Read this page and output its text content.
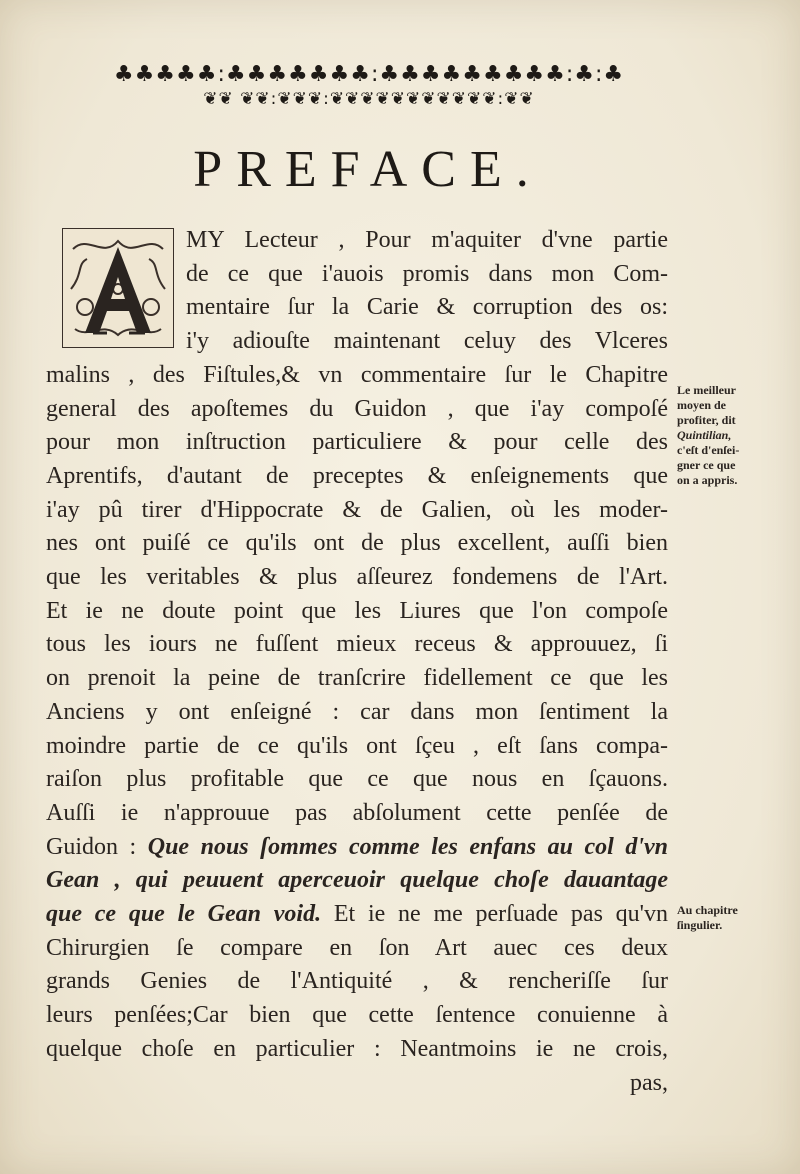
♣♣♣♣♣:♣♣♣♣♣♣♣:♣♣♣♣♣♣♣♣♣:♣:♣
❦❦ ❦❦:❦❦❦:❦❦❦❦❦❦❦❦❦❦❦:❦❦
PREFACE.
MY Lecteur , Pour m'aquiter d'vne partie
de ce que i'auois promis dans mon Com-
mentaire ſur la Carie & corruption des os:
i'y adiouſte maintenant celuy des Vlceres
malins , des Fiſtules,& vn commentaire ſur le Chapitre
general des apoſtemes du Guidon , que i'ay compoſé
pour mon inſtruction particuliere & pour celle des
Aprentifs, d'autant de preceptes & enſeignements que
i'ay pû tirer d'Hippocrate & de Galien, où les moder-
nes ont puiſé ce qu'ils ont de plus excellent, auſſi bien
que les veritables & plus aſſeurez fondemens de l'Art.
Et ie ne doute point que les Liures que l'on compoſe
tous les iours ne fuſſent mieux receus & approuuez, ſi
on prenoit la peine de tranſcrire fidellement ce que les
Anciens y ont enſeigné : car dans mon ſentiment la
moindre partie de ce qu'ils ont ſçeu , eſt ſans compa-
raiſon plus profitable que ce que nous en ſçauons.
Auſſi ie n'approuue pas abſolument cette penſée de
Guidon : Que nous ſommes comme les enfans au col d'vn
Gean , qui peuuent aperceuoir quelque choſe dauantage
que ce que le Gean void. Et ie ne me perſuade pas qu'vn
Chirurgien ſe compare en ſon Art auec ces deux
grands Genies de l'Antiquité , & rencheriſſe ſur
leurs penſées;Car bien que cette ſentence conuienne à
quelque choſe en particulier : Neantmoins ie ne crois,
pas,
Le meilleur
moyen de
profiter, dit
Quintilian,
c'eſt d'enſei-
gner ce que
on a appris.
Au chapitre
ſingulier.
